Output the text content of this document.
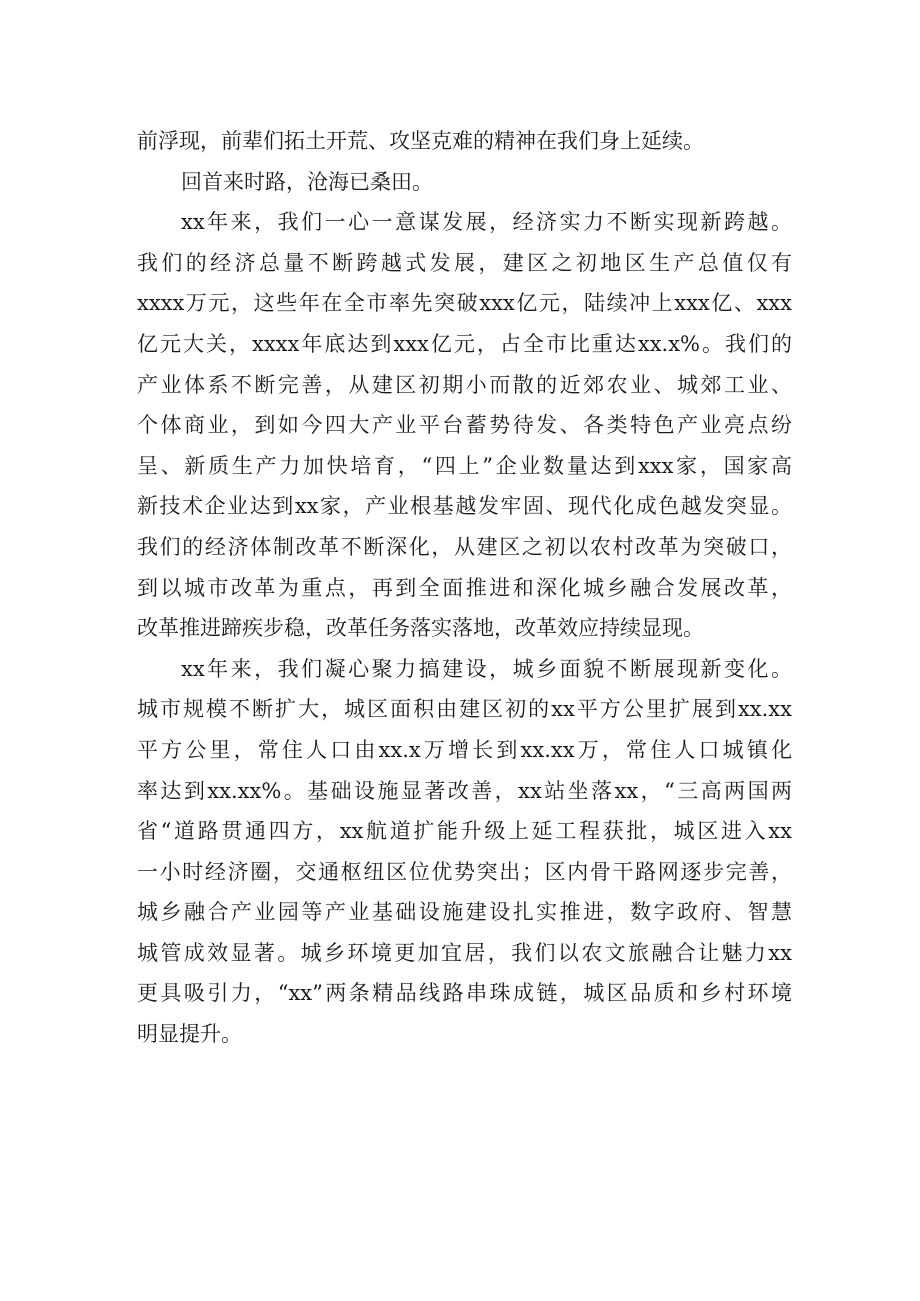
前浮现，前辈们拓土开荒、攻坚克难的精神在我们身上延续。
回首来时路，沧海已桑田。
xx年来，我们一心一意谋发展，经济实力不断实现新跨越。
我们的经济总量不断跨越式发展，建区之初地区生产总值仅有
xxxx万元，这些年在全市率先突破xxx亿元，陆续冲上xxx亿、xxx
亿元大关，xxxx年底达到xxx亿元，占全市比重达xx.x%。我们的
产业体系不断完善，从建区初期小而散的近郊农业、城郊工业、
个体商业，到如今四大产业平台蓄势待发、各类特色产业亮点纷
呈、新质生产力加快培育，“四上”企业数量达到xxx家，国家高
新技术企业达到xx家，产业根基越发牢固、现代化成色越发突显。
我们的经济体制改革不断深化，从建区之初以农村改革为突破口，
到以城市改革为重点，再到全面推进和深化城乡融合发展改革，
改革推进蹄疾步稳，改革任务落实落地，改革效应持续显现。
xx年来，我们凝心聚力搞建设，城乡面貌不断展现新变化。
城市规模不断扩大，城区面积由建区初的xx平方公里扩展到xx.xx
平方公里，常住人口由xx.x万增长到xx.xx万，常住人口城镇化
率达到xx.xx%。基础设施显著改善，xx站坐落xx，“三高两国两
省“道路贯通四方，xx航道扩能升级上延工程获批，城区进入xx
一小时经济圈，交通枢纽区位优势突出；区内骨干路网逐步完善，
城乡融合产业园等产业基础设施建设扎实推进，数字政府、智慧
城管成效显著。城乡环境更加宜居，我们以农文旅融合让魅力xx
更具吸引力，“xx”两条精品线路串珠成链，城区品质和乡村环境
明显提升。
